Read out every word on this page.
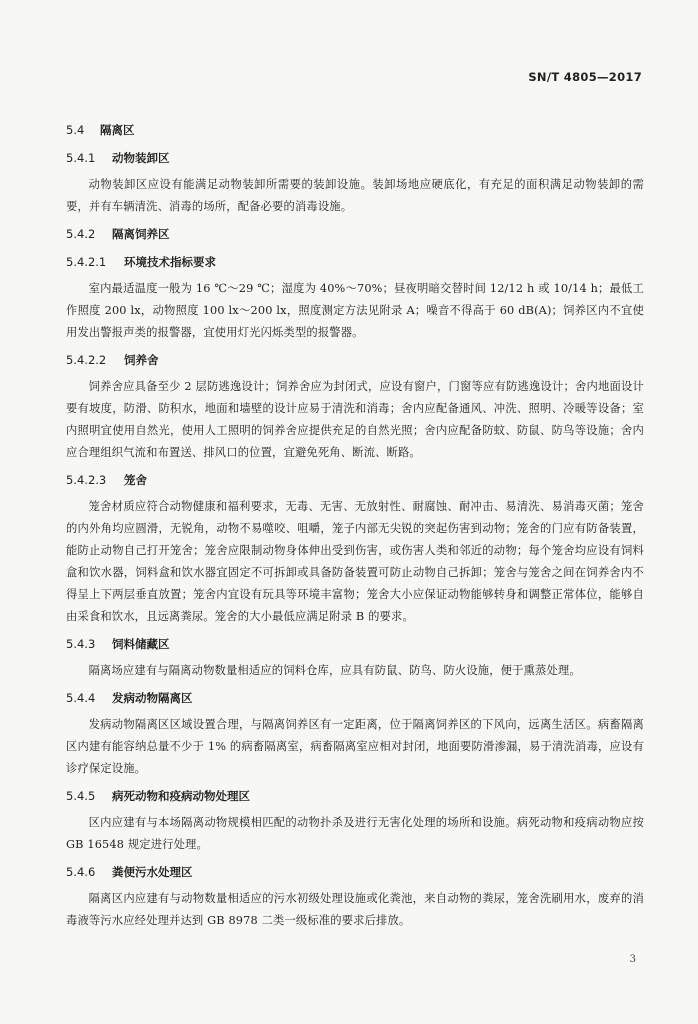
SN/T 4805—2017
5.4 隔离区
5.4.1 动物装卸区

动物装卸区应设有能满足动物装卸所需要的装卸设施。装卸场地应硬底化，有充足的面积满足动物装卸的需要，并有车辆清洗、消毒的场所，配备必要的消毒设施。

5.4.2 隔离饲养区
5.4.2.1 环境技术指标要求

室内最适温度一般为 16 ℃～29 ℃；湿度为 40%～70%；昼夜明暗交替时间 12/12 h 或 10/14 h；最低工作照度 200 lx，动物照度 100 lx～200 lx，照度测定方法见附录 A；噪音不得高于 60 dB(A)；饲养区内不宜使用发出警报声类的报警器，宜使用灯光闪烁类型的报警器。

5.4.2.2 饲养舍

饲养舍应具备至少 2 层防逃逸设计；饲养舍应为封闭式，应设有窗户，门窗等应有防逃逸设计；舍内地面设计要有坡度，防滑、防积水，地面和墙壁的设计应易于清洗和消毒；舍内应配备通风、冲洗、照明、冷暖等设备；室内照明宜使用自然光，使用人工照明的饲养舍应提供充足的自然光照；舍内应配备防蚊、防鼠、防鸟等设施；舍内应合理组织气流和布置送、排风口的位置，宜避免死角、断流、断路。

5.4.2.3 笼舍

笼舍材质应符合动物健康和福利要求，无毒、无害、无放射性、耐腐蚀、耐冲击、易清洗、易消毒灭菌；笼舍的内外角均应圆滑，无锐角，动物不易噬咬、咀嚼，笼子内部无尖锐的突起伤害到动物；笼舍的门应有防备装置，能防止动物自己打开笼舍；笼舍应限制动物身体伸出受到伤害，或伤害人类和邻近的动物；每个笼舍均应设有饲料盒和饮水器，饲料盒和饮水器宜固定不可拆卸或具备防备装置可防止动物自己拆卸；笼舍与笼舍之间在饲养舍内不得呈上下两层垂直放置；笼舍内宜设有玩具等环境丰富物；笼舍大小应保证动物能够转身和调整正常体位，能够自由采食和饮水，且远离粪尿。笼舍的大小最低应满足附录 B 的要求。

5.4.3 饲料储藏区

隔离场应建有与隔离动物数量相适应的饲料仓库，应具有防鼠、防鸟、防火设施，便于熏蒸处理。

5.4.4 发病动物隔离区

发病动物隔离区区域设置合理，与隔离饲养区有一定距离，位于隔离饲养区的下风向，远离生活区。病畜隔离区内建有能容纳总量不少于 1% 的病畜隔离室，病畜隔离室应相对封闭，地面要防滑渗漏，易于清洗消毒，应设有诊疗保定设施。

5.4.5 病死动物和疫病动物处理区

区内应建有与本场隔离动物规模相匹配的动物扑杀及进行无害化处理的场所和设施。病死动物和疫病动物应按 GB 16548 规定进行处理。

5.4.6 粪便污水处理区

隔离区内应建有与动物数量相适应的污水初级处理设施或化粪池，来自动物的粪尿，笼舍洗刷用水，废弃的消毒液等污水应经处理并达到 GB 8978 二类一级标准的要求后排放。

3
